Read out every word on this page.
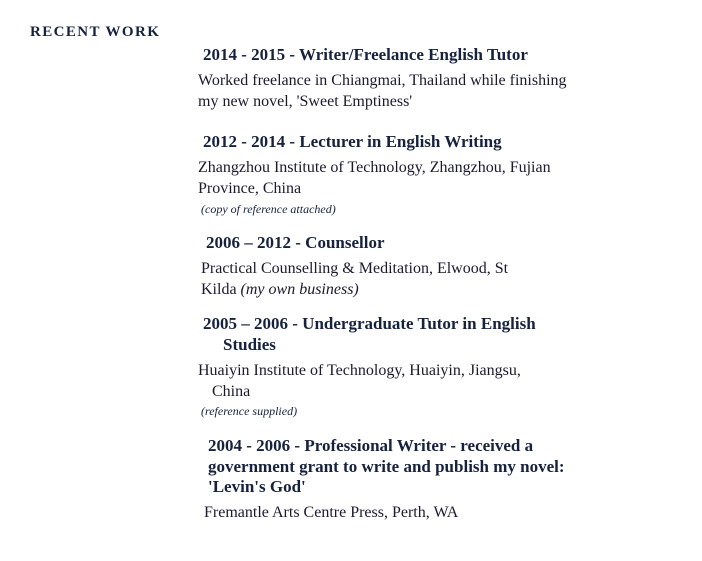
RECENT WORK

2014 - 2015 - Writer/Freelance English Tutor

Worked freelance in Chiangmai, Thailand while finishing
my new novel, 'Sweet Emptiness'

2012 - 2014 - Lecturer in English Writing

Zhangzhou Institute of Technology, Zhangzhou, Fujian
Province, China

(copy of reference attached)

2006 – 2012 - Counsellor

Practical Counselling & Meditation, Elwood, St
Kilda (my own business)

2005 – 2006 - Undergraduate Tutor in English
Studies

Huaiyin Institute of Technology, Huaiyin, Jiangsu,
China

(reference supplied)

2004 - 2006 - Professional Writer - received a
government grant to write and publish my novel:
'Levin's God'

Fremantle Arts Centre Press, Perth, WA
